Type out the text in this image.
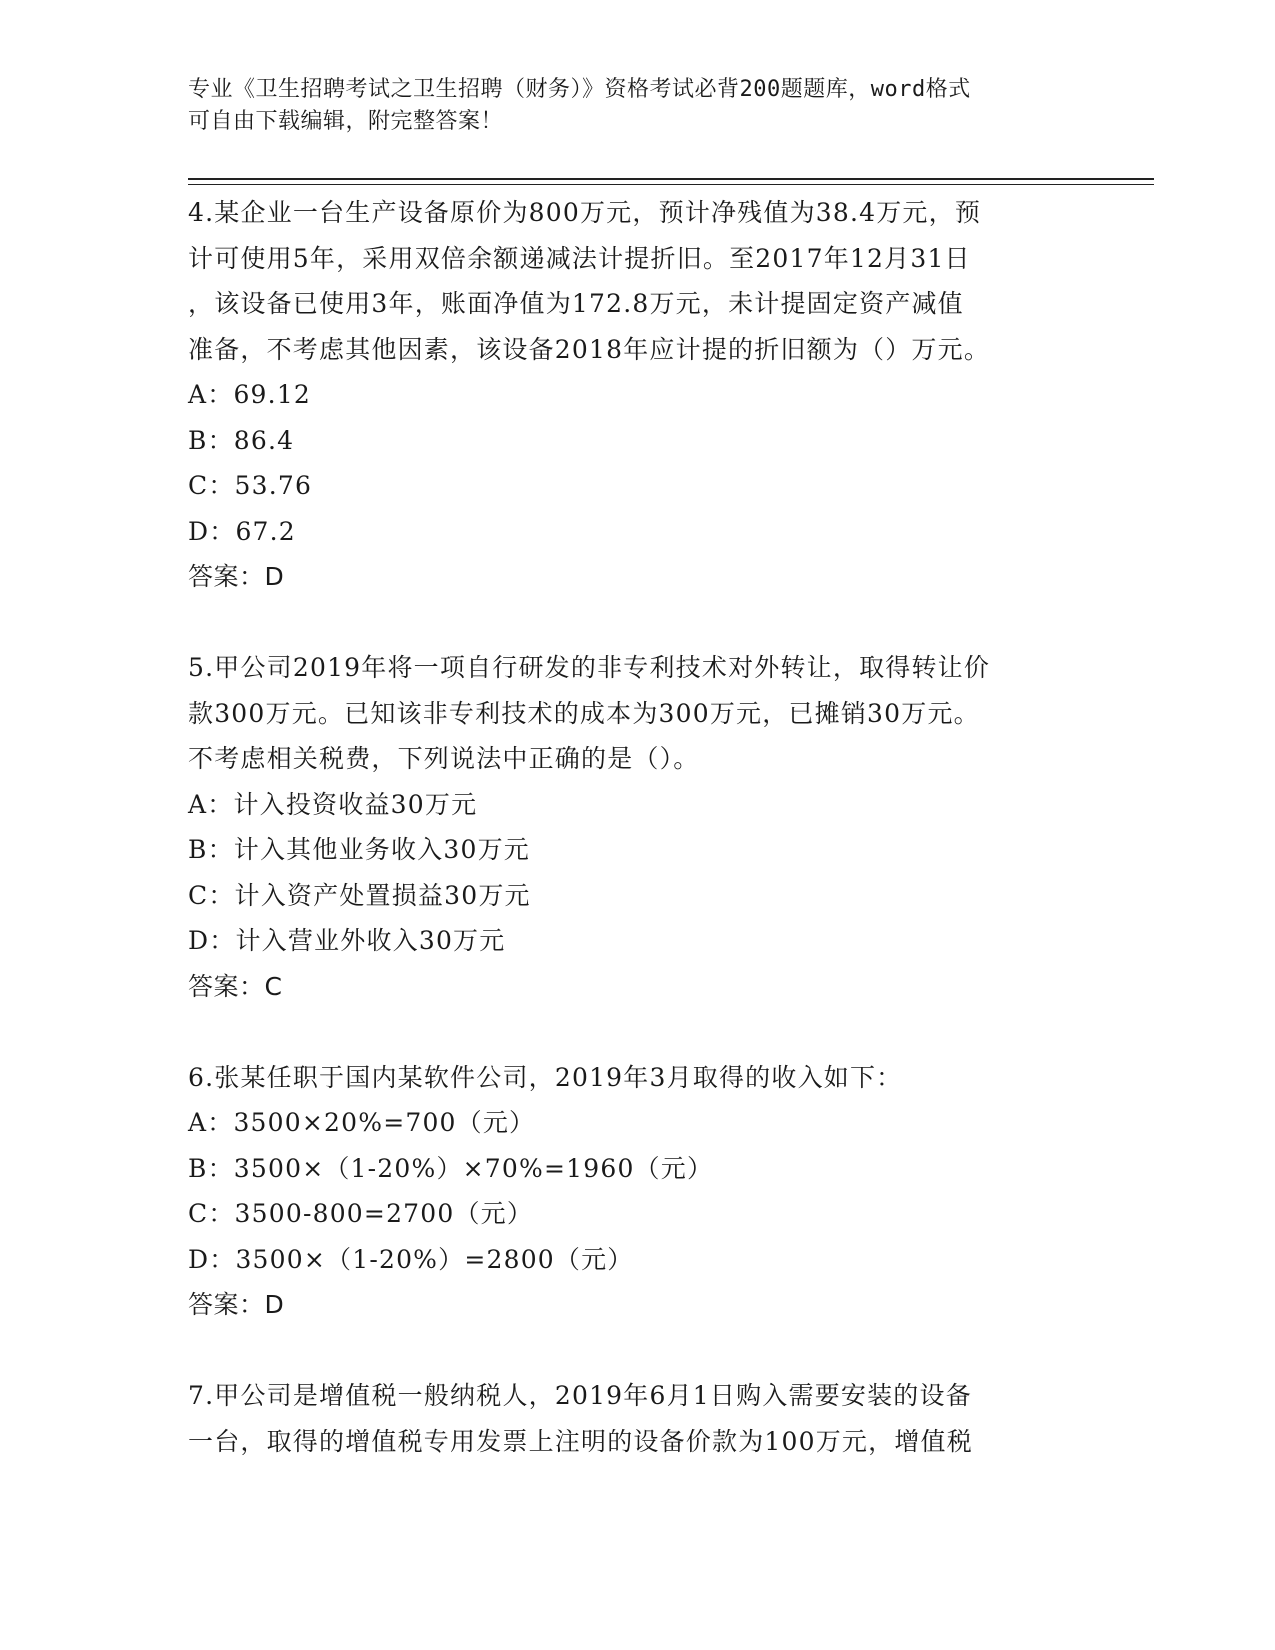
专业《卫生招聘考试之卫生招聘（财务）》资格考试必背200题题库，word格式
可自由下载编辑，附完整答案！
4.某企业一台生产设备原价为800万元，预计净残值为38.4万元，预
计可使用5年，采用双倍余额递减法计提折旧。至2017年12月31日
，该设备已使用3年，账面净值为172.8万元，未计提固定资产减值
准备，不考虑其他因素，该设备2018年应计提的折旧额为（）万元。
A：69.12
B：86.4
C：53.76
D：67.2
答案：D
5.甲公司2019年将一项自行研发的非专利技术对外转让，取得转让价
款300万元。已知该非专利技术的成本为300万元，已摊销30万元。
不考虑相关税费，下列说法中正确的是（）。
A：计入投资收益30万元
B：计入其他业务收入30万元
C：计入资产处置损益30万元
D：计入营业外收入30万元
答案：C
6.张某任职于国内某软件公司，2019年3月取得的收入如下：
A：3500×20%=700（元）
B：3500×（1-20%）×70%=1960（元）
C：3500-800=2700（元）
D：3500×（1-20%）=2800（元）
答案：D
7.甲公司是增值税一般纳税人，2019年6月1日购入需要安装的设备
一台，取得的增值税专用发票上注明的设备价款为100万元，增值税
